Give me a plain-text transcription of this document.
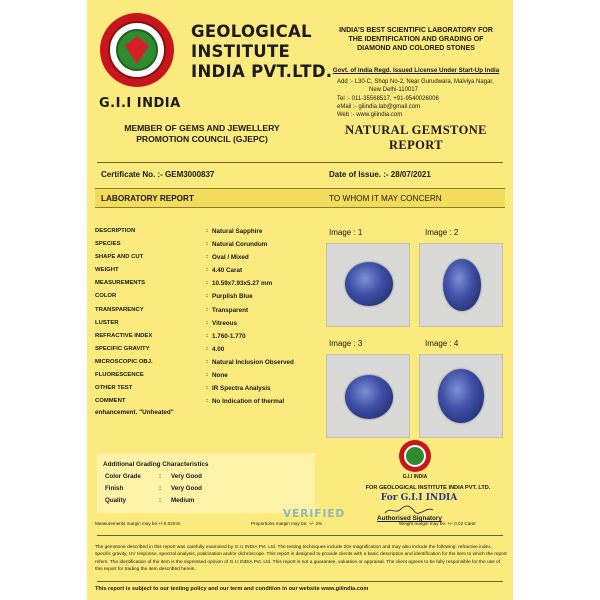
G.I.I INDIA
GEOLOGICAL
INSTITUTE
INDIA PVT.LTD.
MEMBER OF GEMS AND JEWELLERY
PROMOTION COUNCIL (GJEPC)
INDIA'S BEST SCIENTIFIC LABORATORY FOR
THE IDENTIFICATION AND GRADING OF
DIAMOND AND COLORED STONES
Govt. of India Regd. Issued License Under Start-Up India
Add :- L30-C, Shop No-2, Near Gurudwara, Malviya Nagar,
New Delhi-110017
Tel :- 011-35568517, +91-9540026006
eMail :- giiindia.lab@gmail.com
Web :- www.giiindia.com
NATURAL GEMSTONE
REPORT
Certificate No. :- GEM3000837	Date of Issue. :- 28/07/2021
LABORATORY REPORT	TO WHOM IT MAY CONCERN
DESCRIPTION	: Natural Sapphire
SPECIES	: Natural Corundum
SHAPE AND CUT	: Oval / Mixed
WEIGHT	: 4.40 Carat
MEASUREMENTS	: 10.59x7.93x5.27 mm
COLOR	: Purplish Blue
TRANSPARENCY	: Transparent
LUSTER	: Vitreous
REFRACTIVE INDEX	: 1.760-1.770
SPECIFIC GRAVITY	: 4.00
MICROSCOPIC OBJ.	: Natural Inclusion Observed
FLUORESCENCE	: None
OTHER TEST	: IR Spectra Analysis
COMMENT	: No Indication of thermal
enhancement. "Unheated"
Image : 1	Image : 2
Image : 3	Image : 4
Additional Grading Characteristics
Color Grade	: Very Good
Finish	: Very Good
Quality	: Medium
G.I.I INDIA
FOR GEOLOGICAL INSTITUTE INDIA PVT. LTD.
For G.I.I INDIA
Authorised Signatory
VERIFIED
Measurements margin may be:+/-0.02mm	Proportions margin may be: +/- 2%	Weight margin may be: +/- 0.02 Carat
The gemstone described in this report was carefully examined by G.I.I INDIA Pvt. Ltd. The testing techniques include 20x magnification and may also include the following: refractive index, specific gravity, UV response, spectral analysis, polarization and/or dichroscope. This report is designed to provide clients with a basic description and identification for the item to which the report refers. The identification of the item is the expressed opinion of G.I.I INDIA Pvt. Ltd. This report is not a guarantee, valuation or appraisal. The client agrees to be fully responsible for the use of this report for trading the item described herein.
This report is subject to our testing policy and our term and condition in our website www.giiindia.com
